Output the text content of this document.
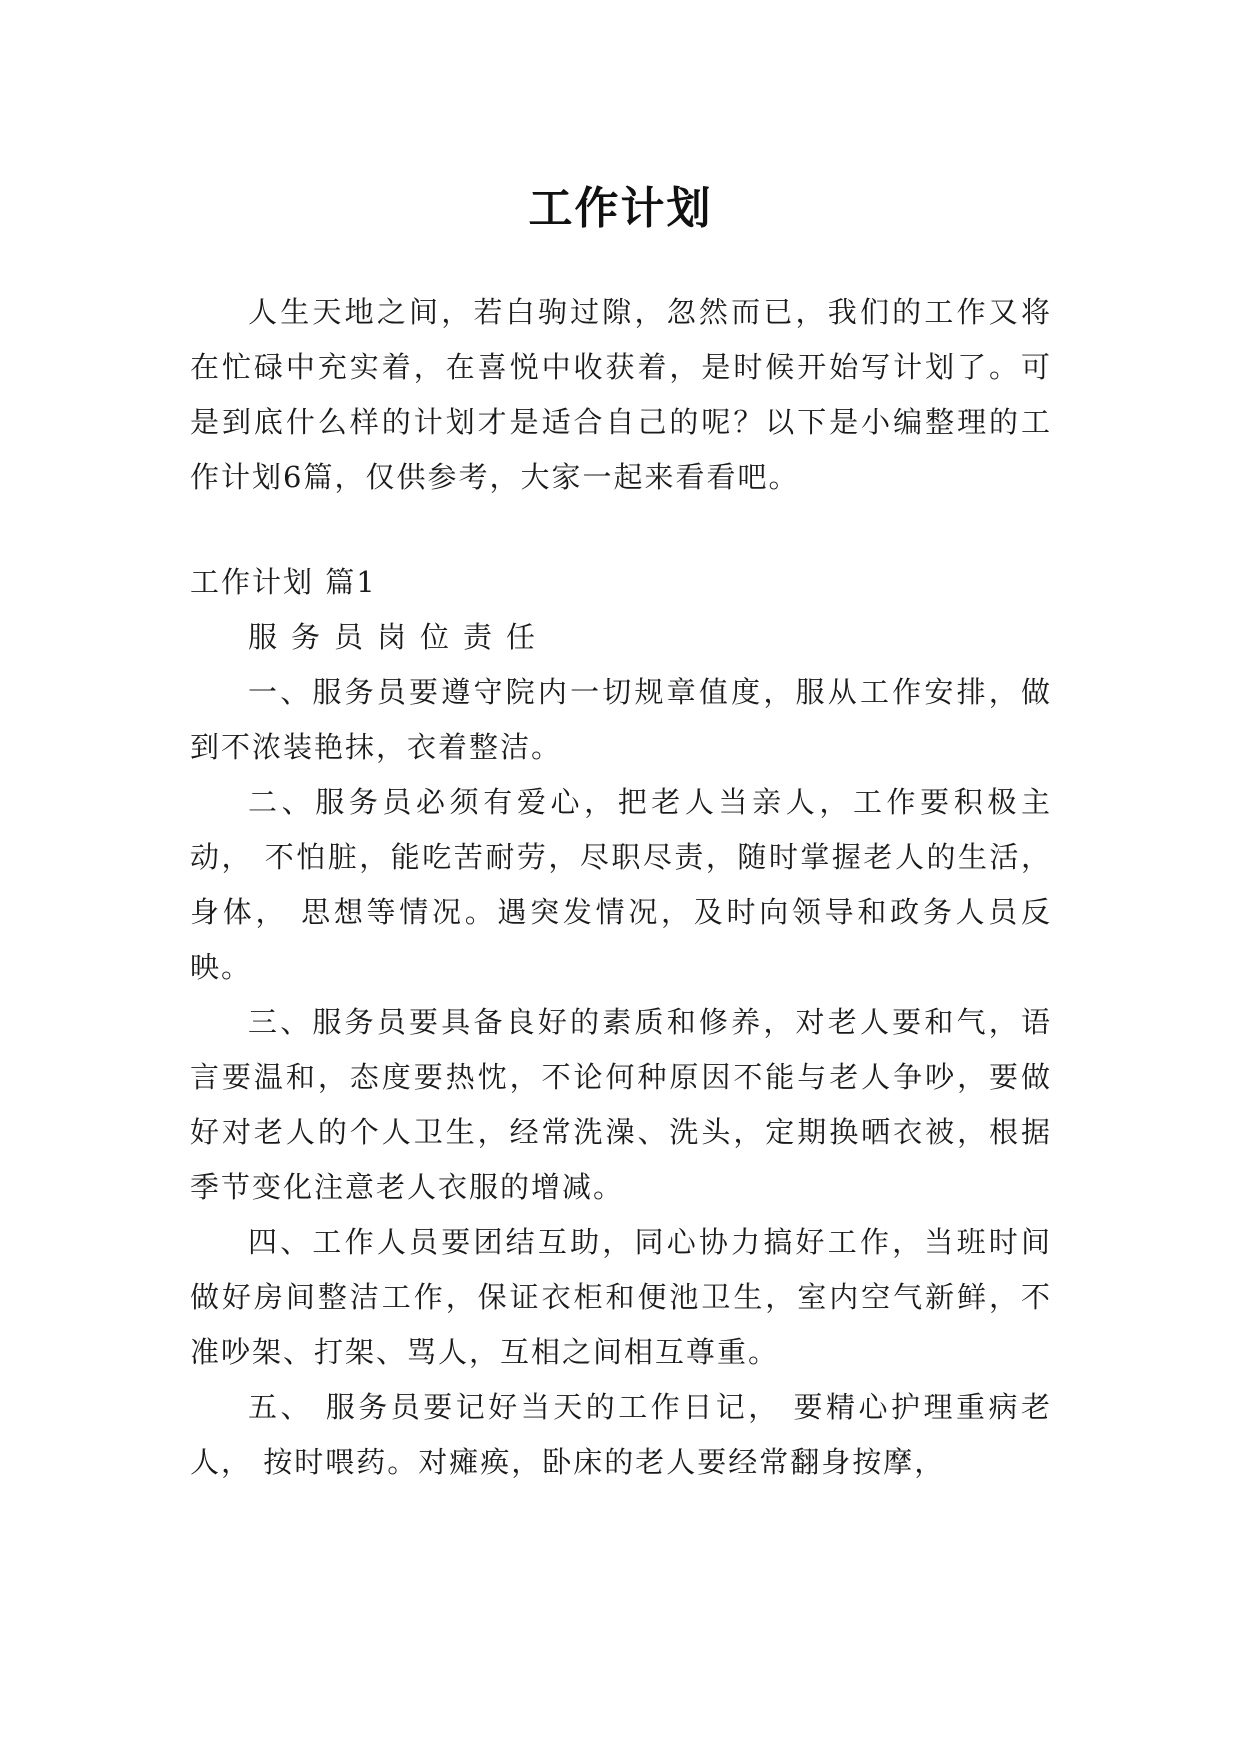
工作计划

人生天地之间，若白驹过隙，忽然而已，我们的工作又将在忙碌中充实着，在喜悦中收获着，是时候开始写计划了。可是到底什么样的计划才是适合自己的呢？以下是小编整理的工作计划6篇，仅供参考，大家一起来看看吧。

工作计划 篇1

服务员岗位责任

一、服务员要遵守院内一切规章值度，服从工作安排，做 到不浓装艳抹，衣着整洁。

二、服务员必须有爱心，把老人当亲人，工作要积极主动， 不怕脏，能吃苦耐劳，尽职尽责，随时掌握老人的生活，身体， 思想等情况。遇突发情况，及时向领导和政务人员反映。

三、服务员要具备良好的素质和修养，对老人要和气，语 言要温和，态度要热忱，不论何种原因不能与老人争吵，要做 好对老人的个人卫生，经常洗澡、洗头，定期换晒衣被，根据 季节变化注意老人衣服的增减。

四、工作人员要团结互助，同心协力搞好工作，当班时间 做好房间整洁工作，保证衣柜和便池卫生，室内空气新鲜，不 准吵架、打架、骂人，互相之间相互尊重。

五、 服务员要记好当天的工作日记， 要精心护理重病老人， 按时喂药。对瘫痪，卧床的老人要经常翻身按摩，
